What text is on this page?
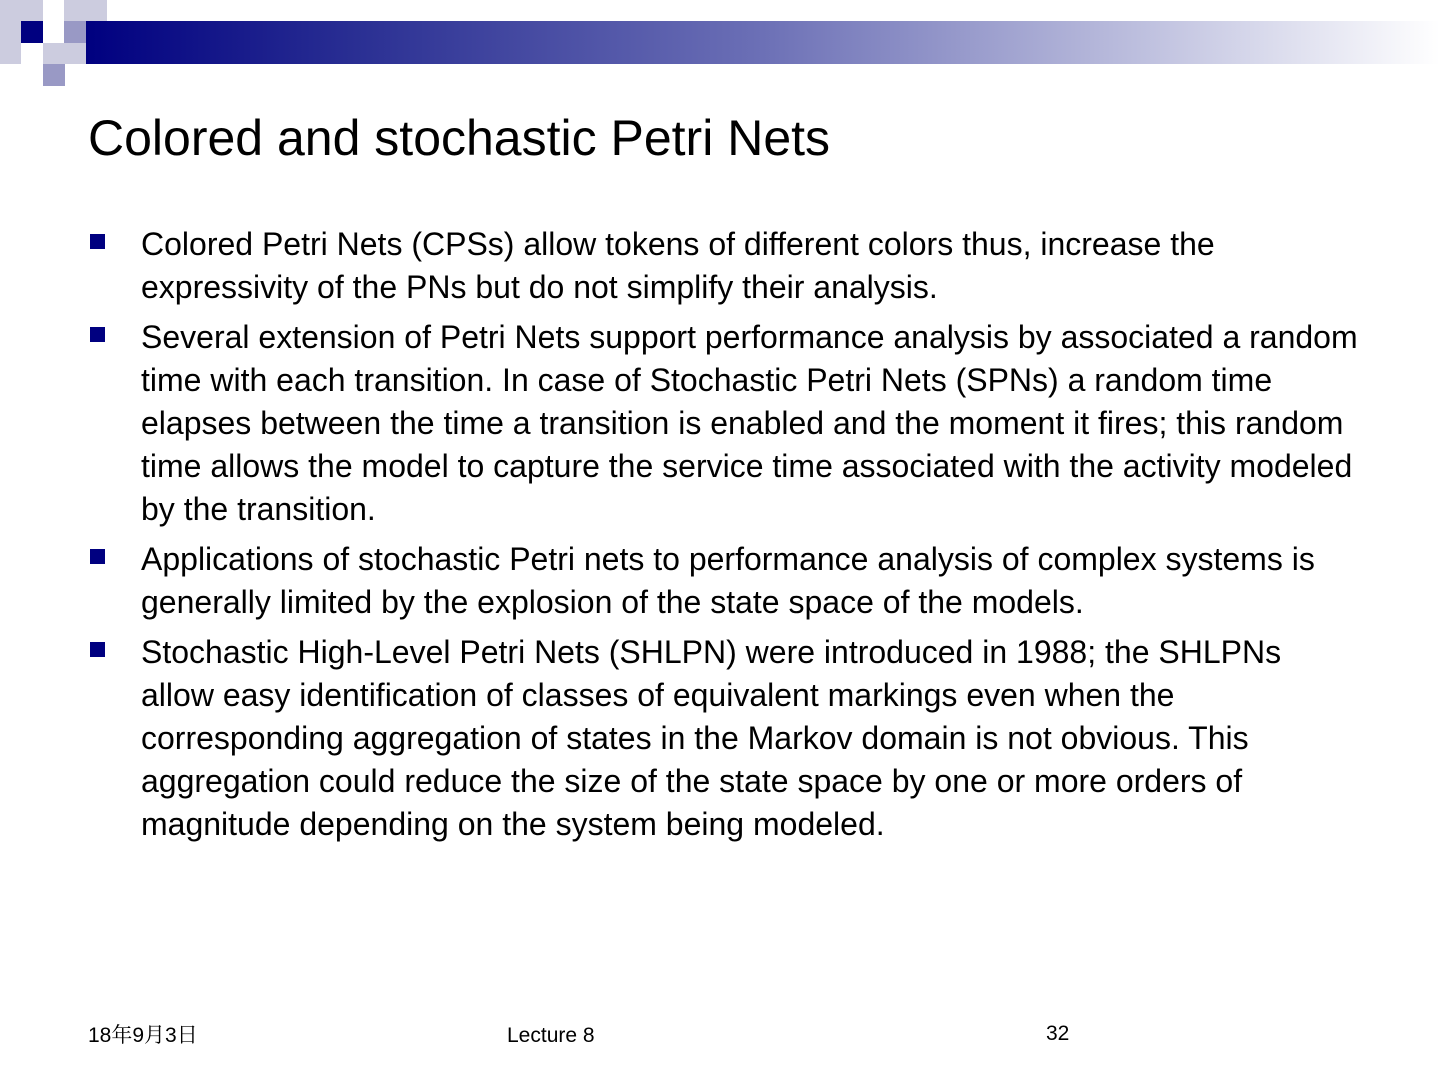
Colored and stochastic Petri Nets
Colored Petri Nets (CPSs) allow tokens of different colors thus, increase the expressivity of the PNs but do not simplify their analysis.
Several extension of Petri Nets support performance analysis by associated a random time with each transition. In case of Stochastic Petri Nets (SPNs) a random time elapses between the time a transition is enabled and the moment it fires; this random time allows the model to capture the service time associated with the activity modeled by the transition.
Applications of stochastic Petri nets to performance analysis of complex systems is generally limited by the explosion of the state space of the models.
Stochastic High-Level Petri Nets (SHLPN) were introduced in 1988; the SHLPNs allow easy identification of classes of equivalent markings even when the corresponding aggregation of states in the Markov domain is not obvious. This aggregation could reduce the size of the state space by one or more orders of magnitude depending on the system being modeled.
18年9月3日	Lecture 8	32
